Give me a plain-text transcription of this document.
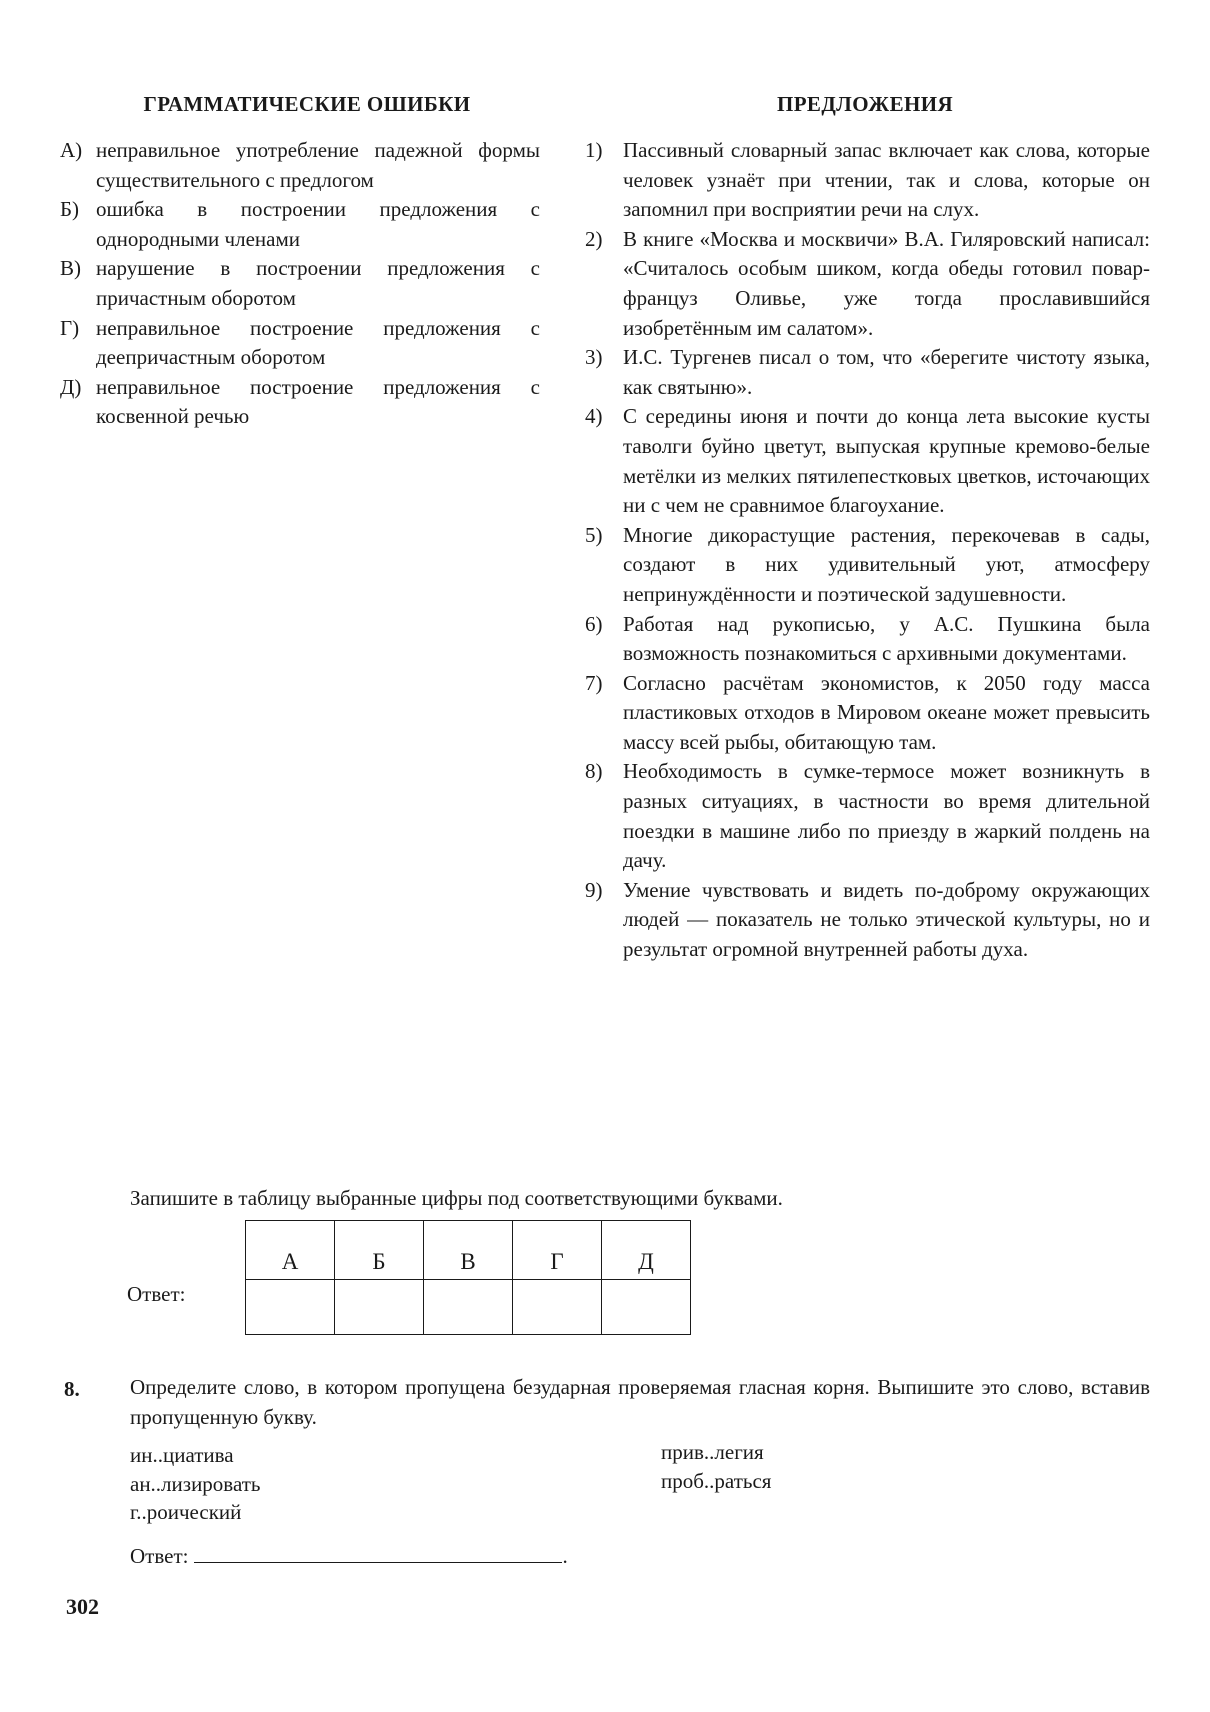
ГРАММАТИЧЕСКИЕ ОШИБКИ	ПРЕДЛОЖЕНИЯ
А) неправильное употребление падежной формы существительного с предлогом
Б) ошибка в построении предложения с однородными членами
В) нарушение в построении предложения с причастным оборотом
Г) неправильное построение предложения с деепричастным оборотом
Д) неправильное построение предложения с косвенной речью
1) Пассивный словарный запас включает как слова, которые человек узнаёт при чтении, так и слова, которые он запомнил при восприятии речи на слух.
2) В книге «Москва и москвичи» В.А. Гиляровский написал: «Считалось особым шиком, когда обеды готовил повар-француз Оливье, уже тогда прославившийся изобретённым им салатом».
3) И.С. Тургенев писал о том, что «берегите чистоту языка, как святыню».
4) С середины июня и почти до конца лета высокие кусты таволги буйно цветут, выпуская крупные кремово-белые метёлки из мелких пятилепестковых цветков, источающих ни с чем не сравнимое благоухание.
5) Многие дикорастущие растения, перекочевав в сады, создают в них удивительный уют, атмосферу непринуждённости и поэтической задушевности.
6) Работая над рукописью, у А.С. Пушкина была возможность познакомиться с архивными документами.
7) Согласно расчётам экономистов, к 2050 году масса пластиковых отходов в Мировом океане может превысить массу всей рыбы, обитающую там.
8) Необходимость в сумке-термосе может возникнуть в разных ситуациях, в частности во время длительной поездки в машине либо по приезду в жаркий полдень на дачу.
9) Умение чувствовать и видеть по-доброму окружающих людей — показатель не только этической культуры, но и результат огромной внутренней работы духа.
Запишите в таблицу выбранные цифры под соответствующими буквами.
Ответ:
А	Б	В	Г	Д

8. Определите слово, в котором пропущена безударная проверяемая гласная корня. Выпишите это слово, вставив пропущенную букву.
ин..циатива
ан..лизировать
г..роический
прив..легия
проб..раться
Ответ:	.
302
